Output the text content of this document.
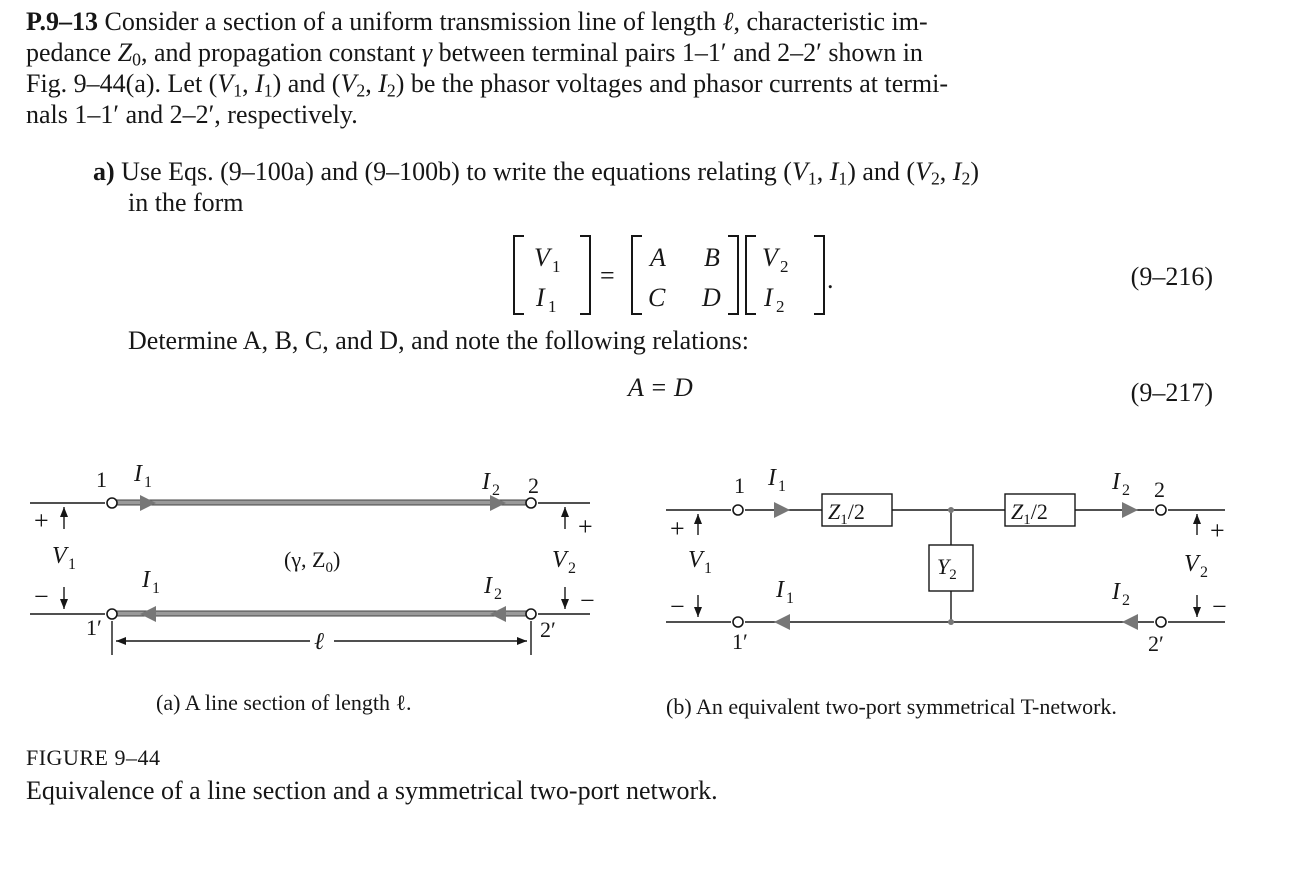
P.9–13 Consider a section of a uniform transmission line of length ℓ, characteristic im-
pedance $Z_0$, and propagation constant γ between terminal pairs 1–1′ and 2–2′ shown in
Fig. 9–44(a). Let ($V_1$, $I_1$) and ($V_2$, $I_2$) be the phasor voltages and phasor currents at termi-
nals 1–1′ and 2–2′, respectively.

a) Use Eqs. (9–100a) and (9–100b) to write the equations relating ($V_1$, $I_1$) and ($V_2$, $I_2$)

in the form

V 1
I 1
=
A B
C D
V 2
I 2
.	(9–216)

Determine A, B, C, and D, and note the following relations:

A = D	(9–217)
1
1′
2
2′
+
−
+
−
V 1	V 2
I 1	I 2
I 1	I 2
(γ, $Z_0$)
ℓ
(a) A line section of length ℓ.
$Z_1/2$	$Z_1/2$
$Y_2$
1
1′
2
2′
+
−
+
−
V 1	V 2
I 1	I 2
I 1	I 2
(b) An equivalent two-port symmetrical T-network.
FIGURE 9–44
Equivalence of a line section and a symmetrical two-port network.
